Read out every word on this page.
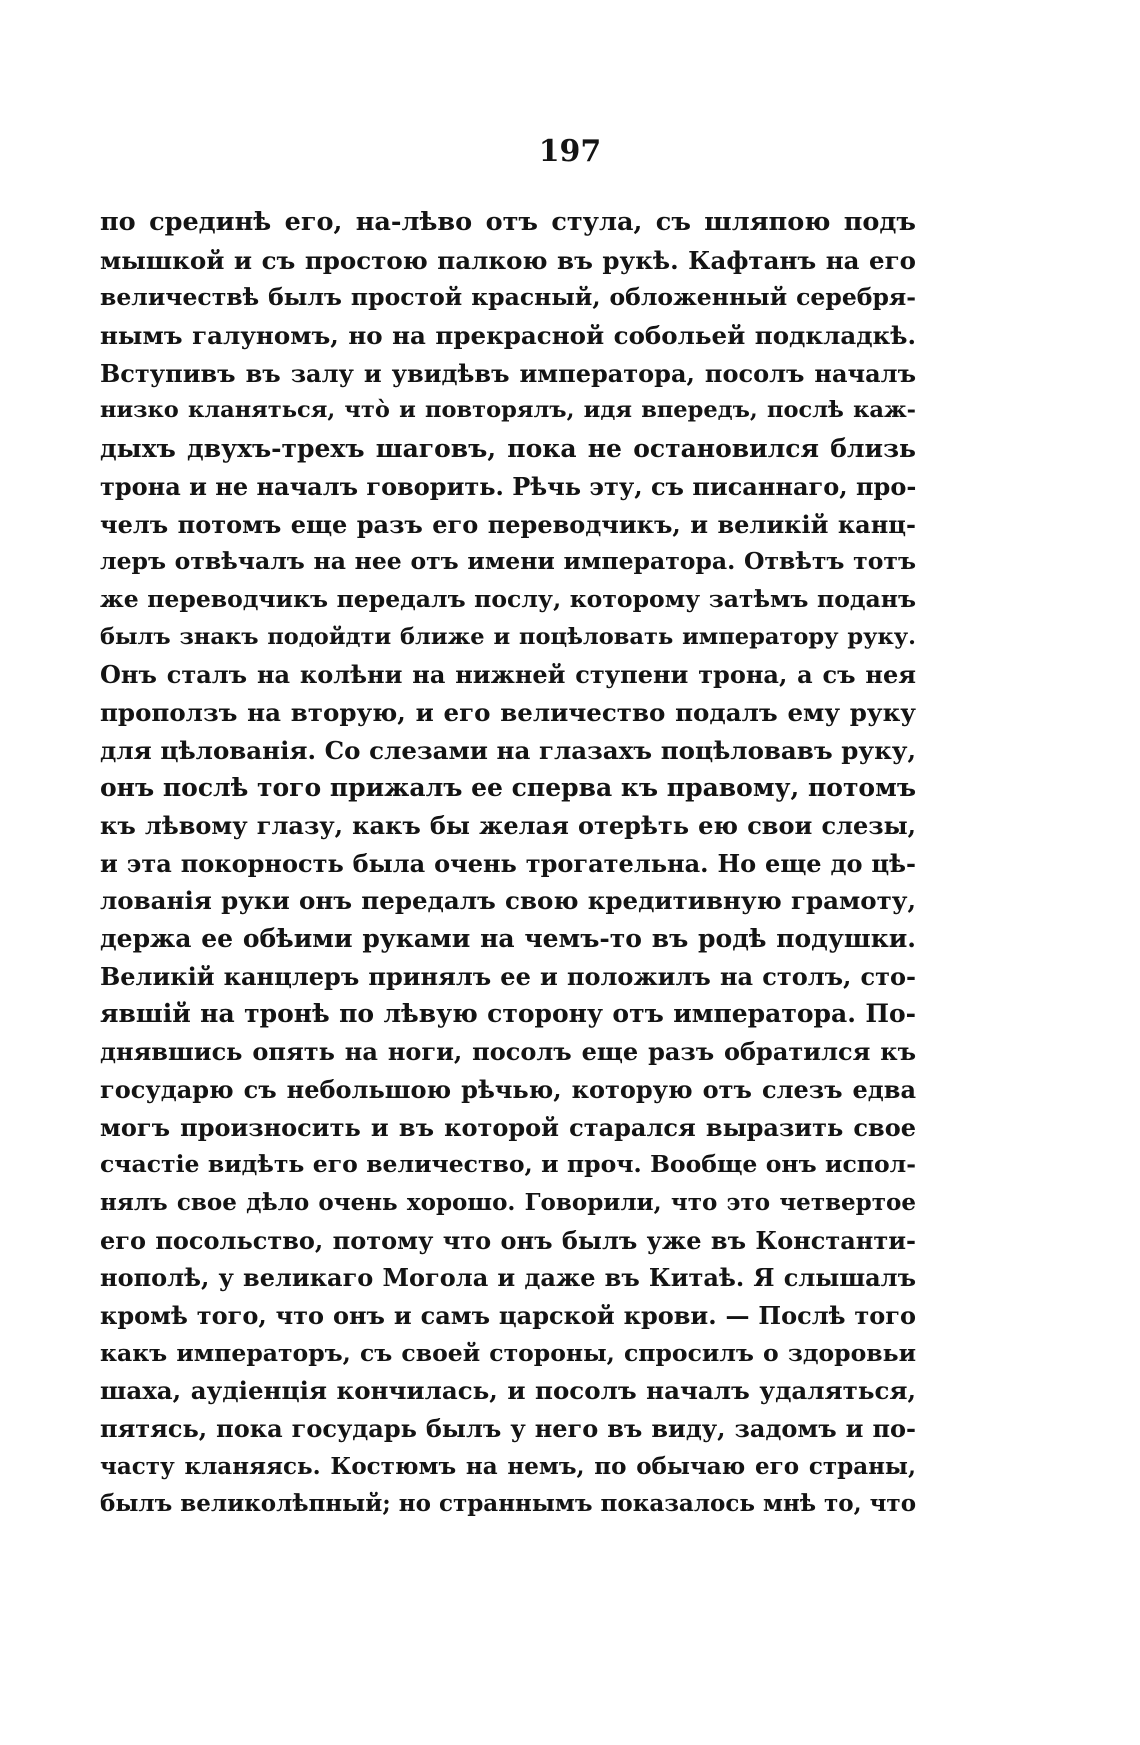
197
по срединѣ его, на-лѣво отъ стула, съ шляпою подъ
мышкой и съ простою палкою въ рукѣ. Кафтанъ на его
величествѣ былъ простой красный, обложенный серебря-
нымъ галуномъ, но на прекрасной собольей подкладкѣ.
Вступивъ въ залу и увидѣвъ императора, посолъ началъ
низко кланяться, что̀ и повторялъ, идя впередъ, послѣ каж-
дыхъ двухъ-трехъ шаговъ, пока не остановился близь
трона и не началъ говорить. Рѣчь эту, съ писаннаго, про-
челъ потомъ еще разъ его переводчикъ, и великій канц-
леръ отвѣчалъ на нее отъ имени императора. Отвѣтъ тотъ
же переводчикъ передалъ послу, которому затѣмъ поданъ
былъ знакъ подойдти ближе и поцѣловать императору руку.
Онъ сталъ на колѣни на нижней ступени трона, а съ нея
проползъ на вторую, и его величество подалъ ему руку
для цѣлованія. Со слезами на глазахъ поцѣловавъ руку,
онъ послѣ того прижалъ ее сперва къ правому, потомъ
къ лѣвому глазу, какъ бы желая отерѣть ею свои слезы,
и эта покорность была очень трогательна. Но еще до цѣ-
лованія руки онъ передалъ свою кредитивную грамоту,
держа ее обѣими руками на чемъ-то въ родѣ подушки.
Великій канцлеръ принялъ ее и положилъ на столъ, сто-
явшій на тронѣ по лѣвую сторону отъ императора. По-
днявшись опять на ноги, посолъ еще разъ обратился къ
государю съ небольшою рѣчью, которую отъ слезъ едва
могъ произносить и въ которой старался выразить свое
счастіе видѣть его величество, и проч. Вообще онъ испол-
нялъ свое дѣло очень хорошо. Говорили, что это четвертое
его посольство, потому что онъ былъ уже въ Константи-
нополѣ, у великаго Могола и даже въ Китаѣ. Я слышалъ
кромѣ того, что онъ и самъ царской крови. — Послѣ того
какъ императоръ, съ своей стороны, спросилъ о здоровьи
шаха, аудіенція кончилась, и посолъ началъ удаляться,
пятясь, пока государь былъ у него въ виду, задомъ и по-
часту кланяясь. Костюмъ на немъ, по обычаю его страны,
былъ великолѣпный; но страннымъ показалось мнѣ то, что
